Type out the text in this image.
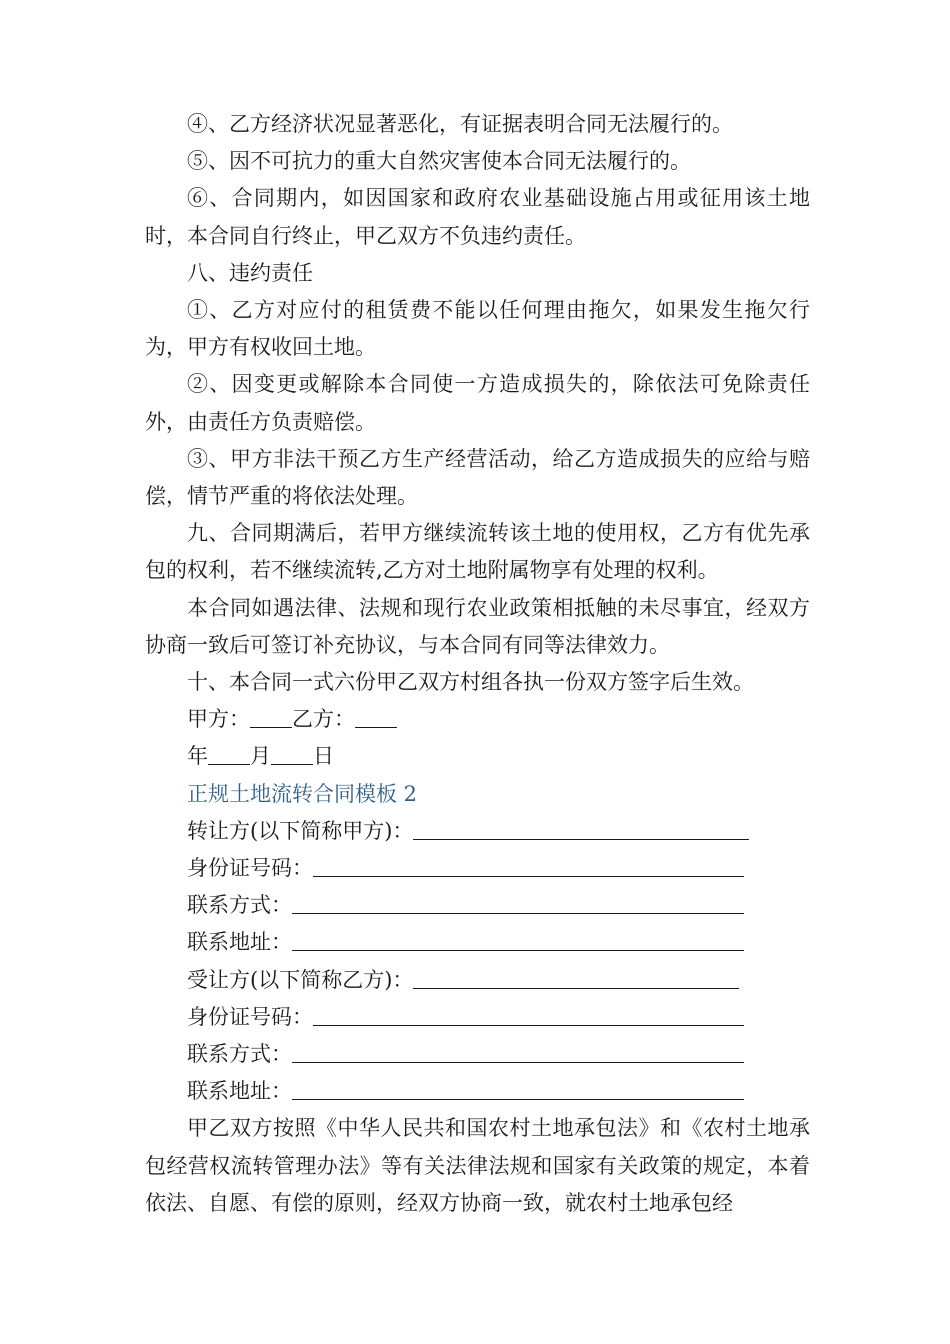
④、乙方经济状况显著恶化，有证据表明合同无法履行的。

⑤、因不可抗力的重大自然灾害使本合同无法履行的。

⑥、合同期内，如因国家和政府农业基础设施占用或征用该土地时，本合同自行终止，甲乙双方不负违约责任。

八、违约责任

①、乙方对应付的租赁费不能以任何理由拖欠，如果发生拖欠行为，甲方有权收回土地。

②、因变更或解除本合同使一方造成损失的，除依法可免除责任外，由责任方负责赔偿。

③、甲方非法干预乙方生产经营活动，给乙方造成损失的应给与赔偿，情节严重的将依法处理。

九、合同期满后，若甲方继续流转该土地的使用权，乙方有优先承包的权利，若不继续流转,乙方对土地附属物享有处理的权利。

本合同如遇法律、法规和现行农业政策相抵触的未尽事宜，经双方协商一致后可签订补充协议，与本合同有同等法律效力。

十、本合同一式六份甲乙双方村组各执一份双方签字后生效。

甲方： 乙方：

年 月 日

正规土地流转合同模板 2

转让方(以下简称甲方)：

身份证号码：

联系方式：

联系地址：

受让方(以下简称乙方)：

身份证号码：

联系方式：

联系地址：

甲乙双方按照《中华人民共和国农村土地承包法》和《农村土地承包经营权流转管理办法》等有关法律法规和国家有关政策的规定，本着依法、自愿、有偿的原则，经双方协商一致，就农村土地承包经
